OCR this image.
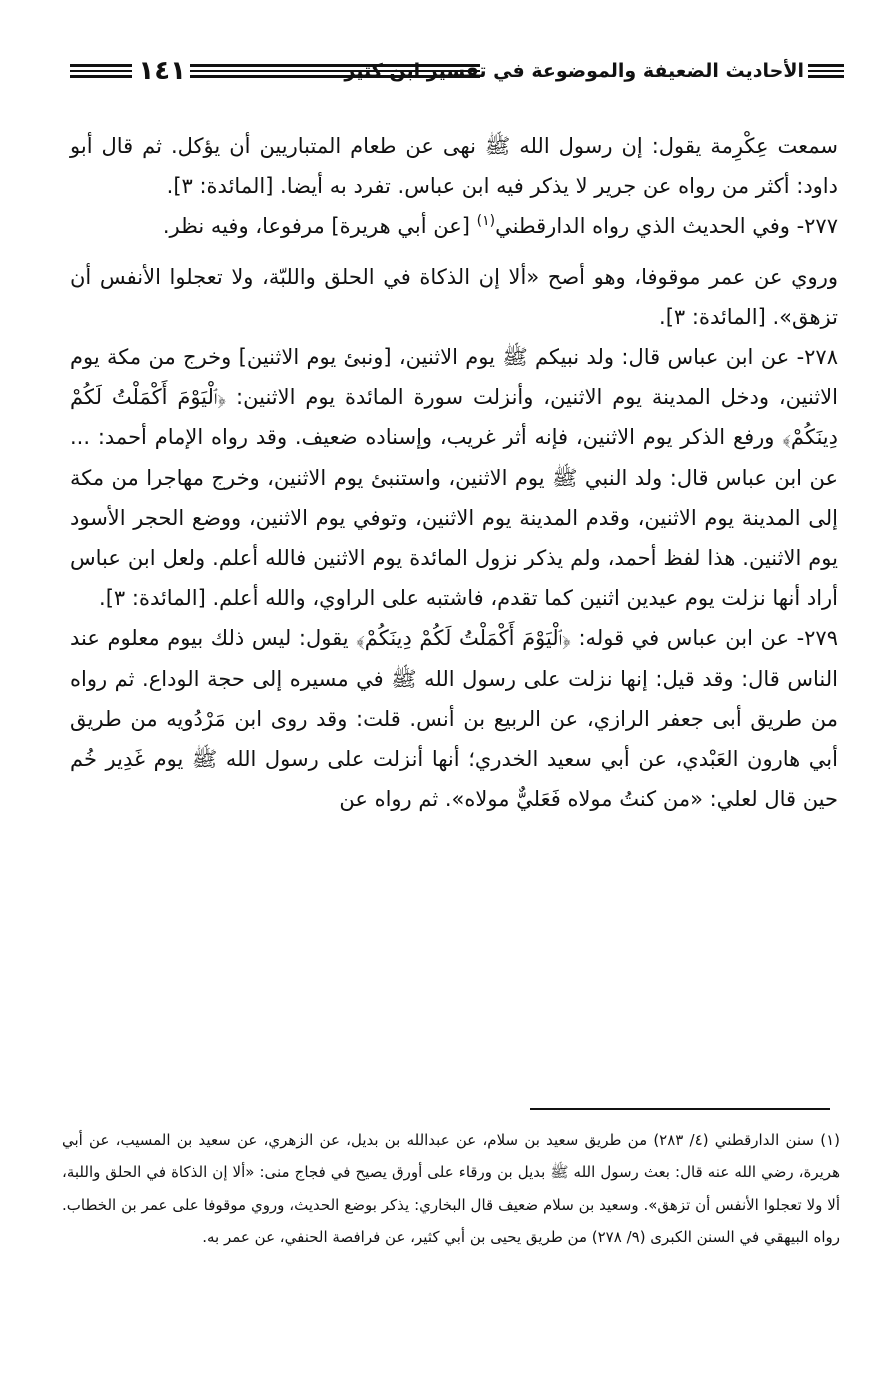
١٤١	الأحاديث الضعيفة والموضوعة في تفسير ابن كثير

سمعت عِكْرِمة يقول: إن رسول الله ﷺ نهى عن طعام المتباريين أن يؤكل. ثم قال أبو داود: أكثر من رواه عن جرير لا يذكر فيه ابن عباس. تفرد به أيضا. [المائدة: ٣].

٢٧٧- وفي الحديث الذي رواه الدارقطني$^{(١)}$ [عن أبي هريرة] مرفوعا، وفيه نظر.

وروي عن عمر موقوفا، وهو أصح «ألا إن الذكاة في الحلق واللبّة، ولا تعجلوا الأنفس أن تزهق». [المائدة: ٣].

٢٧٨- عن ابن عباس قال: ولد نبيكم ﷺ يوم الاثنين، [ونبئ يوم الاثنين] وخرج من مكة يوم الاثنين، ودخل المدينة يوم الاثنين، وأنزلت سورة المائدة يوم الاثنين: ﴿ٱلْيَوْمَ أَكْمَلْتُ لَكُمْ دِينَكُمْ﴾ ورفع الذكر يوم الاثنين، فإنه أثر غريب، وإسناده ضعيف. وقد رواه الإمام أحمد: ... عن ابن عباس قال: ولد النبي ﷺ يوم الاثنين، واستنبئ يوم الاثنين، وخرج مهاجرا من مكة إلى المدينة يوم الاثنين، وقدم المدينة يوم الاثنين، وتوفي يوم الاثنين، ووضع الحجر الأسود يوم الاثنين. هذا لفظ أحمد، ولم يذكر نزول المائدة يوم الاثنين فالله أعلم. ولعل ابن عباس أراد أنها نزلت يوم عيدين اثنين كما تقدم، فاشتبه على الراوي، والله أعلم. [المائدة: ٣].

٢٧٩- عن ابن عباس في قوله: ﴿ٱلْيَوْمَ أَكْمَلْتُ لَكُمْ دِينَكُمْ﴾ يقول: ليس ذلك بيوم معلوم عند الناس قال: وقد قيل: إنها نزلت على رسول الله ﷺ في مسيره إلى حجة الوداع. ثم رواه من طريق أبى جعفر الرازي، عن الربيع بن أنس. قلت: وقد روى ابن مَرْدُويه من طريق أبي هارون العَبْدي، عن أبي سعيد الخدري؛ أنها أنزلت على رسول الله ﷺ يوم غَدِير خُم حين قال لعلي: «من كنتُ مولاه فَعَليٌّ مولاه». ثم رواه عن

(١) سنن الدارقطني (٤/ ٢٨٣) من طريق سعيد بن سلام، عن عبدالله بن بديل، عن الزهري، عن سعيد بن المسيب، عن أبي هريرة، رضي الله عنه قال: بعث رسول الله ﷺ بديل بن ورقاء على أورق يصيح في فجاج منى: «ألا إن الذكاة في الحلق واللبة، ألا ولا تعجلوا الأنفس أن تزهق». وسعيد بن سلام ضعيف قال البخاري: يذكر بوضع الحديث، وروي موقوفا على عمر بن الخطاب. رواه البيهقي في السنن الكبرى (٩/ ٢٧٨) من طريق يحيى بن أبي كثير، عن فرافصة الحنفي، عن عمر به.
